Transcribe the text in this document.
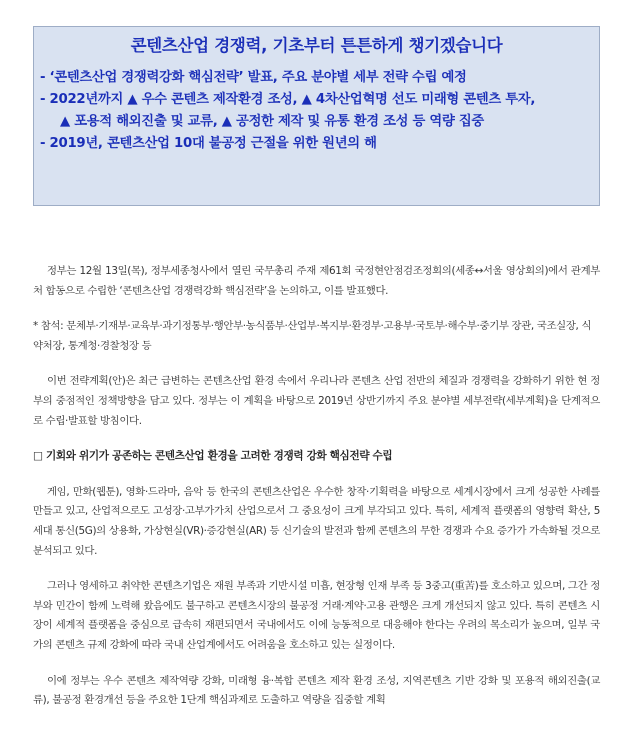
콘텐츠산업 경쟁력, 기초부터 튼튼하게 챙기겠습니다
- ‘콘텐츠산업 경쟁력강화 핵심전략’ 발표, 주요 분야별 세부 전략 수립 예정
- 2022년까지 ▲ 우수 콘텐츠 제작환경 조성, ▲ 4차산업혁명 선도 미래형 콘텐츠 투자,
▲ 포용적 해외진출 및 교류, ▲ 공정한 제작 및 유통 환경 조성 등 역량 집중
- 2019년, 콘텐츠산업 10대 불공정 근절을 위한 원년의 해

정부는 12월 13일(목), 정부세종청사에서 열린 국무총리 주재 제61회 국정현안점검조정회의(세종↔서울 영상회의)에서 관계부처 합동으로 수립한 ‘콘텐츠산업 경쟁력강화 핵심전략’을 논의하고, 이를 발표했다.

* 참석: 문체부·기재부·교육부·과기정통부·행안부·농식품부·산업부·복지부·환경부·고용부·국토부·해수부·중기부 장관, 국조실장, 식약처장, 통계청·경찰청장 등

이번 전략계획(안)은 최근 급변하는 콘텐츠산업 환경 속에서 우리나라 콘텐츠 산업 전반의 체질과 경쟁력을 강화하기 위한 현 정부의 중점적인 정책방향을 담고 있다. 정부는 이 계획을 바탕으로 2019년 상반기까지 주요 분야별 세부전략(세부계획)을 단계적으로 수립·발표할 방침이다.

□ 기회와 위기가 공존하는 콘텐츠산업 환경을 고려한 경쟁력 강화 핵심전략 수립

게임, 만화(웹툰), 영화·드라마, 음악 등 한국의 콘텐츠산업은 우수한 창작·기획력을 바탕으로 세계시장에서 크게 성공한 사례를 만들고 있고, 산업적으로도 고성장·고부가가치 산업으로서 그 중요성이 크게 부각되고 있다. 특히, 세계적 플랫폼의 영향력 확산, 5세대 통신(5G)의 상용화, 가상현실(VR)·증강현실(AR) 등 신기술의 발전과 함께 콘텐츠의 무한 경쟁과 수요 증가가 가속화될 것으로 분석되고 있다.

그러나 영세하고 취약한 콘텐츠기업은 재원 부족과 기반시설 미흡, 현장형 인재 부족 등 3중고(重苦)를 호소하고 있으며, 그간 정부와 민간이 함께 노력해 왔음에도 불구하고 콘텐츠시장의 불공정 거래·계약·고용 관행은 크게 개선되지 않고 있다. 특히 콘텐츠 시장이 세계적 플랫폼을 중심으로 급속히 재편되면서 국내에서도 이에 능동적으로 대응해야 한다는 우려의 목소리가 높으며, 일부 국가의 콘텐츠 규제 강화에 따라 국내 산업계에서도 어려움을 호소하고 있는 실정이다.

이에 정부는 우수 콘텐츠 제작역량 강화, 미래형 융·복합 콘텐츠 제작 환경 조성, 지역콘텐츠 기반 강화 및 포용적 해외진출(교류), 불공정 환경개선 등을 주요한 1단계 핵심과제로 도출하고 역량을 집중할 계획
